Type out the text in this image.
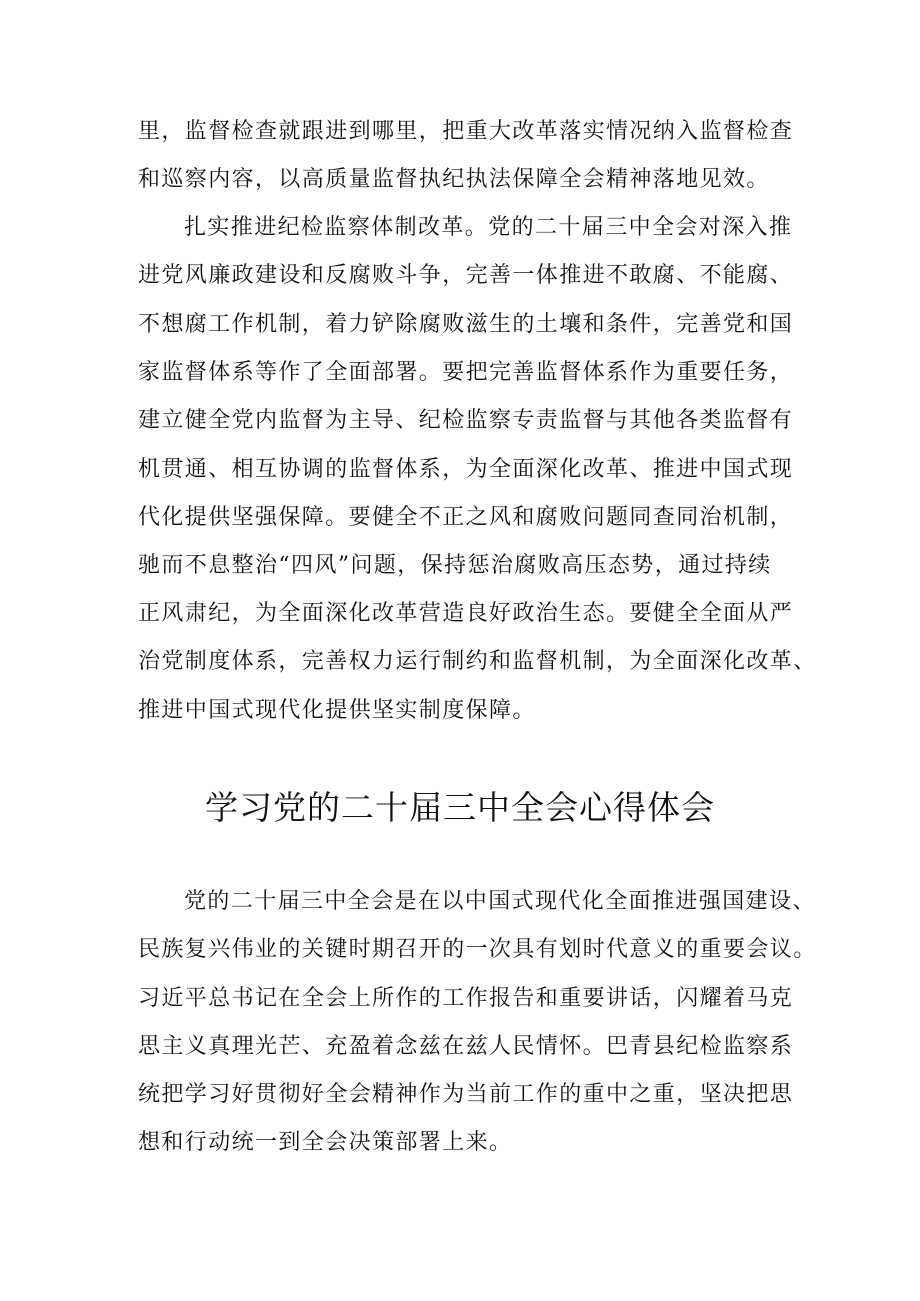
里，监督检查就跟进到哪里，把重大改革落实情况纳入监督检查
和巡察内容，以高质量监督执纪执法保障全会精神落地见效。
扎实推进纪检监察体制改革。党的二十届三中全会对深入推
进党风廉政建设和反腐败斗争，完善一体推进不敢腐、不能腐、
不想腐工作机制，着力铲除腐败滋生的土壤和条件，完善党和国
家监督体系等作了全面部署。要把完善监督体系作为重要任务，
建立健全党内监督为主导、纪检监察专责监督与其他各类监督有
机贯通、相互协调的监督体系，为全面深化改革、推进中国式现
代化提供坚强保障。要健全不正之风和腐败问题同查同治机制，
驰而不息整治“四风”问题，保持惩治腐败高压态势，通过持续
正风肃纪，为全面深化改革营造良好政治生态。要健全全面从严
治党制度体系，完善权力运行制约和监督机制，为全面深化改革、
推进中国式现代化提供坚实制度保障。
学习党的二十届三中全会心得体会
党的二十届三中全会是在以中国式现代化全面推进强国建设、
民族复兴伟业的关键时期召开的一次具有划时代意义的重要会议。
习近平总书记在全会上所作的工作报告和重要讲话，闪耀着马克
思主义真理光芒、充盈着念兹在兹人民情怀。巴青县纪检监察系
统把学习好贯彻好全会精神作为当前工作的重中之重，坚决把思
想和行动统一到全会决策部署上来。
